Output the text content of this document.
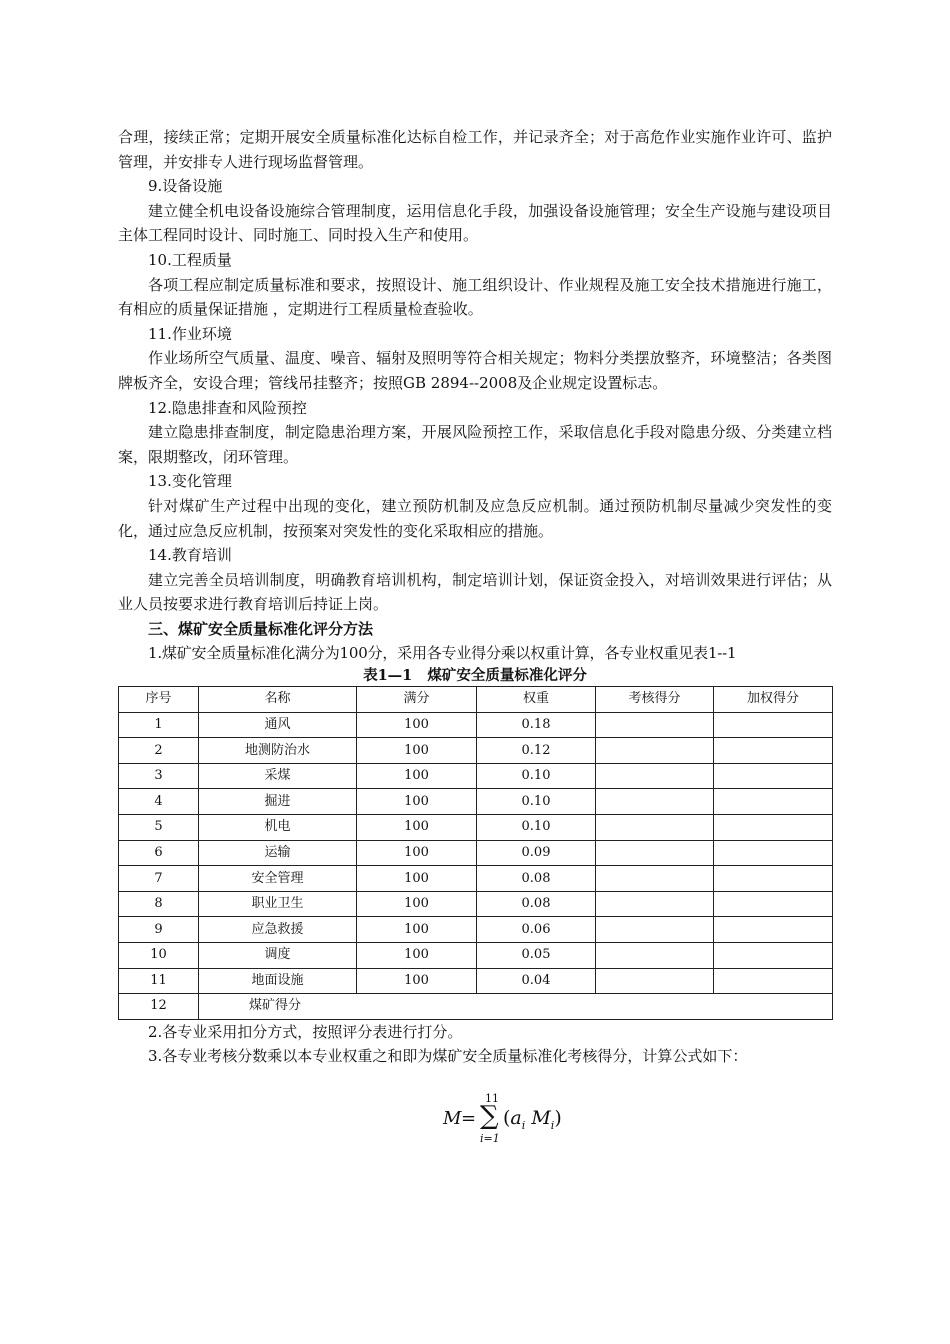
合理，接续正常；定期开展安全质量标准化达标自检工作，并记录齐全；对于高危作业实施作业许可、监护管理，并安排专人进行现场监督管理。

9.设备设施

建立健全机电设备设施综合管理制度，运用信息化手段，加强设备设施管理；安全生产设施与建设项目主体工程同时设计、同时施工、同时投入生产和使用。

10.工程质量

各项工程应制定质量标准和要求，按照设计、施工组织设计、作业规程及施工安全技术措施进行施工，有相应的质量保证措施 ，定期进行工程质量检查验收。

11.作业环境

作业场所空气质量、温度、噪音、辐射及照明等符合相关规定；物料分类摆放整齐，环境整洁；各类图牌板齐全，安设合理；管线吊挂整齐；按照GB 2894--2008及企业规定设置标志。

12.隐患排查和风险预控

建立隐患排查制度，制定隐患治理方案，开展风险预控工作，采取信息化手段对隐患分级、分类建立档案，限期整改，闭环管理。

13.变化管理

针对煤矿生产过程中出现的变化，建立预防机制及应急反应机制。通过预防机制尽量减少突发性的变化，通过应急反应机制，按预案对突发性的变化采取相应的措施。

14.教育培训

建立完善全员培训制度，明确教育培训机构，制定培训计划，保证资金投入，对培训效果进行评估；从业人员按要求进行教育培训后持证上岗。

三、煤矿安全质量标准化评分方法

1.煤矿安全质量标准化满分为100分，采用各专业得分乘以权重计算，各专业权重见表1--1

表1—1   煤矿安全质量标准化评分

序号	名称	满分	权重	考核得分	加权得分
1	通风	100	0.18		
2	地测防治水	100	0.12		
3	采煤	100	0.10		
4	掘进	100	0.10		
5	机电	100	0.10		
6	运输	100	0.09		
7	安全管理	100	0.08		
8	职业卫生	100	0.08		
9	应急救援	100	0.06		
10	调度	100	0.05		
11	地面设施	100	0.04		
12	煤矿得分				

2.各专业采用扣分方式，按照评分表进行打分。

3.各专业考核分数乘以本专业权重之和即为煤矿安全质量标准化考核得分，计算公式如下：

M =
11
∑
i=1
($a_i$ $M_i$)
